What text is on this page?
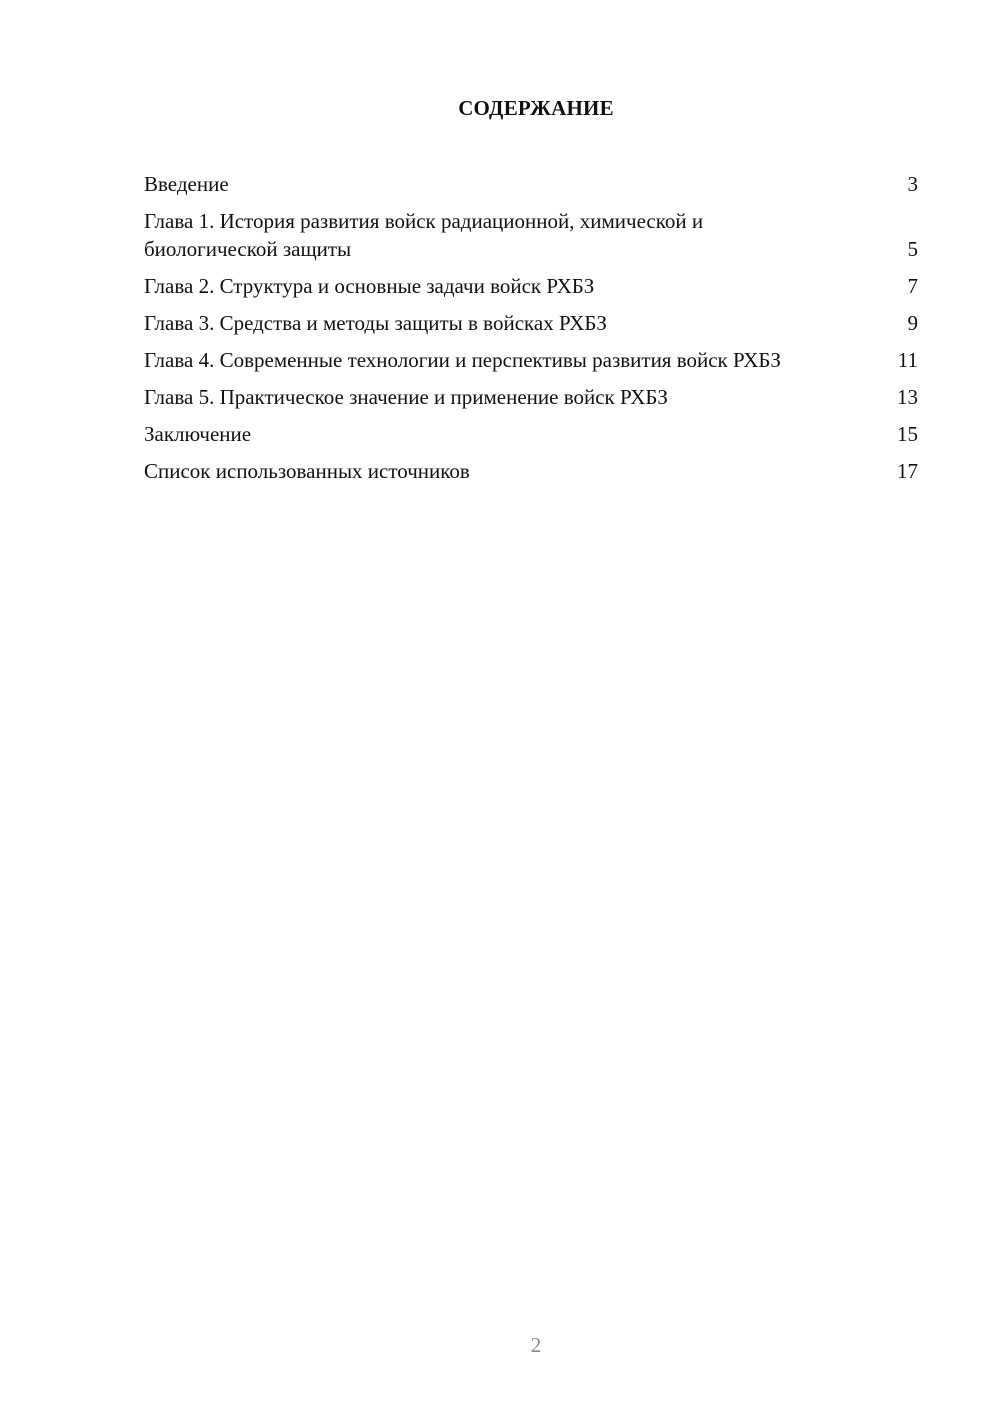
СОДЕРЖАНИЕ
Введение	3
Глава 1. История развития войск радиационной, химической и биологической защиты	5
Глава 2. Структура и основные задачи войск РХБЗ	7
Глава 3. Средства и методы защиты в войсках РХБЗ	9
Глава 4. Современные технологии и перспективы развития войск РХБЗ	11
Глава 5. Практическое значение и применение войск РХБЗ	13
Заключение	15
Список использованных источников	17
2
